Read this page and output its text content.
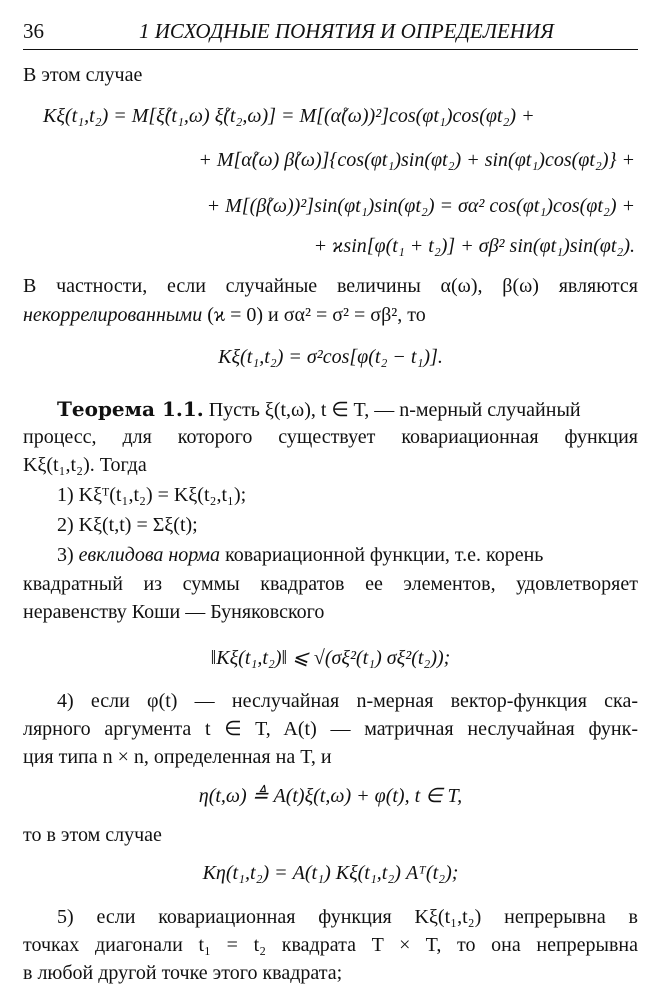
36	1 ИСХОДНЫЕ ПОНЯТИЯ И ОПРЕДЕЛЕНИЯ
В этом случае
Kξ(t₁,t₂) = M[ξ̊(t₁,ω) ξ̊(t₂,ω)] = M[(α̊(ω))²]cos(φt₁)cos(φt₂) +
+ M[α̊(ω) β̊(ω)]{cos(φt₁)sin(φt₂) + sin(φt₁)cos(φt₂)} +
+ M[(β̊(ω))²]sin(φt₁)sin(φt₂) = σα² cos(φt₁)cos(φt₂) +
+ ϰsin[φ(t₁ + t₂)] + σβ² sin(φt₁)sin(φt₂).
В частности, если случайные величины α(ω), β(ω) являются
некоррелированными (ϰ = 0) и σα² = σ² = σβ², то
Kξ(t₁,t₂) = σ²cos[φ(t₂ − t₁)].
Теорема 1.1. Пусть ξ(t,ω), t ∈ T, — n-мерный случайный
процесс, для которого существует ковариационная функция
Kξ(t₁,t₂). Тогда
1) Kξᵀ(t₁,t₂) = Kξ(t₂,t₁);
2) Kξ(t,t) = Σξ(t);
3) евклидова норма ковариационной функции, т.е. корень
квадратный из суммы квадратов ее элементов, удовлетворяет
неравенству Коши — Буняковского
‖Kξ(t₁,t₂)‖ ⩽ √(σξ²(t₁) σξ²(t₂));
4) если φ(t) — неслучайная n-мерная вектор-функция ска-
лярного аргумента t ∈ T, A(t) — матричная неслучайная функ-
ция типа n × n, определенная на T, и
η(t,ω) ≜ A(t)ξ(t,ω) + φ(t), t ∈ T,
то в этом случае
Kη(t₁,t₂) = A(t₁) Kξ(t₁,t₂) Aᵀ(t₂);
5) если ковариационная функция Kξ(t₁,t₂) непрерывна в
точках диагонали t₁ = t₂ квадрата T × T, то она непрерывна
в любой другой точке этого квадрата;
